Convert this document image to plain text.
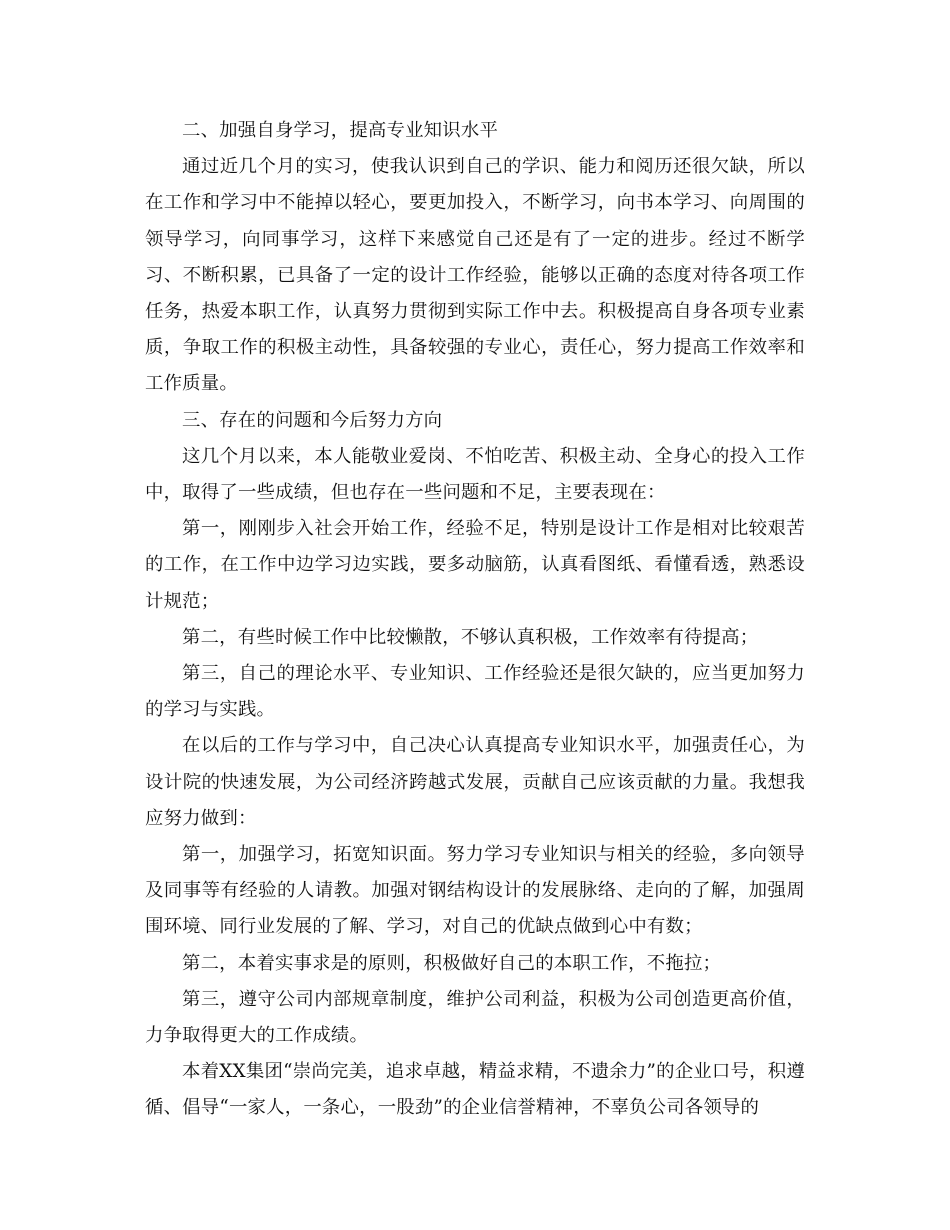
二、加强自身学习，提高专业知识水平

通过近几个月的实习，使我认识到自己的学识、能力和阅历还很欠缺，所以在工作和学习中不能掉以轻心，要更加投入，不断学习，向书本学习、向周围的领导学习，向同事学习，这样下来感觉自己还是有了一定的进步。经过不断学习、不断积累，已具备了一定的设计工作经验，能够以正确的态度对待各项工作任务，热爱本职工作，认真努力贯彻到实际工作中去。积极提高自身各项专业素质，争取工作的积极主动性，具备较强的专业心，责任心，努力提高工作效率和工作质量。

三、存在的问题和今后努力方向

这几个月以来，本人能敬业爱岗、不怕吃苦、积极主动、全身心的投入工作中，取得了一些成绩，但也存在一些问题和不足，主要表现在：

第一，刚刚步入社会开始工作，经验不足，特别是设计工作是相对比较艰苦的工作，在工作中边学习边实践，要多动脑筋，认真看图纸、看懂看透，熟悉设计规范；

第二，有些时候工作中比较懒散，不够认真积极，工作效率有待提高；

第三，自己的理论水平、专业知识、工作经验还是很欠缺的，应当更加努力的学习与实践。

在以后的工作与学习中，自己决心认真提高专业知识水平，加强责任心，为设计院的快速发展，为公司经济跨越式发展，贡献自己应该贡献的力量。我想我应努力做到：

第一，加强学习，拓宽知识面。努力学习专业知识与相关的经验，多向领导及同事等有经验的人请教。加强对钢结构设计的发展脉络、走向的了解，加强周围环境、同行业发展的了解、学习，对自己的优缺点做到心中有数；

第二，本着实事求是的原则，积极做好自己的本职工作，不拖拉；

第三，遵守公司内部规章制度，维护公司利益，积极为公司创造更高价值，力争取得更大的工作成绩。

本着XX集团“崇尚完美，追求卓越，精益求精，不遗余力”的企业口号，积遵循、倡导“一家人，一条心，一股劲”的企业信誉精神，不辜负公司各领导的
